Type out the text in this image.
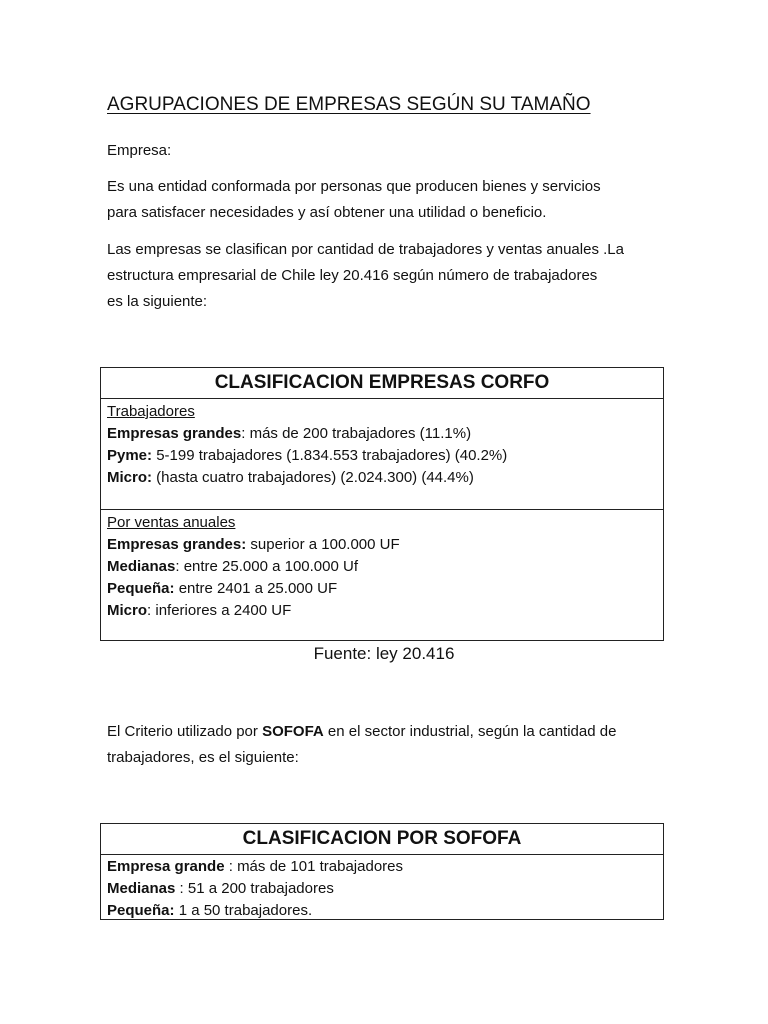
AGRUPACIONES DE EMPRESAS SEGÚN SU TAMAÑO

Empresa:

Es una entidad conformada por personas que producen bienes y servicios
para satisfacer necesidades y así obtener una utilidad o beneficio.

Las empresas se clasifican por cantidad de trabajadores y ventas anuales .La
estructura empresarial de Chile ley 20.416 según número de trabajadores
es la siguiente:

CLASIFICACION EMPRESAS CORFO
Trabajadores
Empresas grandes: más de 200 trabajadores (11.1%)
Pyme: 5-199 trabajadores (1.834.553 trabajadores) (40.2%)
Micro: (hasta cuatro trabajadores) (2.024.300) (44.4%)
Por ventas anuales
Empresas grandes: superior a 100.000 UF
Medianas: entre 25.000 a 100.000 Uf
Pequeña: entre 2401 a 25.000 UF
Micro: inferiores a 2400 UF

Fuente: ley 20.416

El Criterio utilizado por SOFOFA en el sector industrial, según la cantidad de
trabajadores, es el siguiente:

CLASIFICACION POR SOFOFA
Empresa grande : más de 101 trabajadores
Medianas : 51 a 200 trabajadores
Pequeña: 1 a 50 trabajadores.
